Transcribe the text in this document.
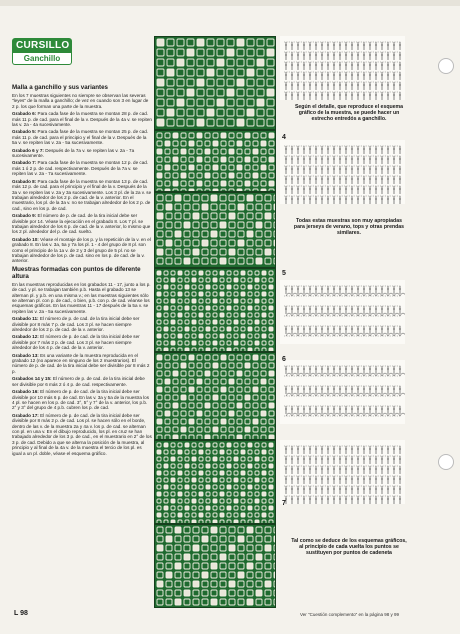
CURSILLO
Ganchillo
Malla a ganchillo y sus variantes

En los 7 muestras siguientes no siempre se observan las severas "leyes" de la malla a ganchillo; de vez en cuando son 3 en lugar de 2 p. los que forman una parte de la muestra.

Grabado 6: Para cada fase de la muestra se montan 28 p. de cad. más 11 p. de cad. para el final de la v. Después de la 4a v. se repiten las v. 2a - 4a sucesivamente.

Grabado 5: Para cada fase de la muestra se montan 25 p. de cad. más 11 p. de cad. para el principio y el final de la v. Después de la 5a v. se repiten las v. 2a - 5a sucesivamente.

Grabado 6 y 7: Después de la 7a v. se repiten las v. 2a - 7a sucesivamente.

Grabado 7: Para cada fase de la muestra se montan 12 p. de cad. más 1 ó 2 p. de cad. respectivamente. Después de la 7a v. se repiten las v. 2a - 7a sucesivamente.

Grabado 8: Para cada fase de la muestra se montan 13 p. de cad. más 12 p. de cad. para el principio y el final de la v. Después de la 3a v. se repiten las v. 2a y 3a sucesivamente. Los 3 pl. de la 2a v. se trabajan alrededor de los 2 p. de cad. de la v. anterior. En el muestrario, los pl. de la 3a v. no se trabajan alrededor de los 2 p. de cad., sino en los p. de cad.

Grabado 9: El número de p. de cad. de la tira inicial debe ser divisible por 14. Véase la ejecución en el grabado 8. Los 7 pl. se trabajan alrededor de los 6 p. de cad. de la v. anterior, lo mismo que los 2 pl. alrededor del p. de cad. suelto.

Grabado 10: Véase el montaje de los p. y la repetición de la v. en el grabado 8. En las v. 3a, 5a y 7a los pl. 1 - 4 del grupo de 8 pl. son como el principio de la 1a v. de 2 y 3 del grupo de 5 pl. no se trabajan alrededor de los p. de cad. sino en los p. de cad. de la v. anterior.

Muestras formadas con puntos de diferente altura

En las muestras reproducidas en los grabados 11 - 17, junto a los p. de cad. y pl. se trabajan también p.b. Hasta el grabado 13 se alternan pl. y p.b. en una misma v.; en las muestras siguientes sólo se alternan pl. con p. de cad., o bien, p.b. con p. de cad. véanse los esquemas gráficos. En las muestras 11 - 17 después de la 5a v. se repiten las v. 2a - 5a sucesivamente.

Grabado 11: El número de p. de cad. de la tira inicial debe ser divisible por 8 más 7 p. de cad. Los 3 pl. se hacen siempre alrededor de los 2 p. de cad. de la v. anterior.

Grabado 12: El número de p. de cad. de la tira inicial debe ser divisible por 7 más 2 p. de cad. Los 3 pl. se hacen siempre alrededor de los 4 p. de cad. de la v. anterior.

Grabado 13: Es una variante de la muestra reproducida en el grabado 12 (no aparece en ninguno de los 2 muestrarios). El número de p. de cad. de la tira inicial debe ser divisible por 8 más 2 p.

Grabados 14 y 15: El número de p. de cad. de la tira inicial debe ser divisible por 6 más 2 ó 4 p. de cad. respectivamente.

Grabado 16: El número de p. de cad. de la tira inicial debe ser divisible por 10 más 6 p. de cad. En las v. 3a y 5a de la muestra los 4 pl. se hacen en los p. de cad. 3°, 5° y 7° de la v. anterior, los p.b. 2° y 3° del grupo de 4 p.b. cubren los p. de cad.

Grabado 17: El número de p. de cad. de la tira inicial debe ser divisible por 8 más 2 p. de cad. Los pl. se hacen sólo en el borde, dentro de las v. de la muestra 2a y 4a v. los p. de cad. se alternan con pl. en una v. En el dibujo reproducido, los pl. en cruz se han trabajado alrededor de los 3 p. de cad., en el muestrario en 2° de los 3 p. de cad. Debido a que se alterna la posición de la muestra, al principio y al final de la 4a v. de la muestra el tercio de los pl. es igual a un pl. doble, véase el esquema gráfico.

4
5
6
7
Según el detalle, que reproduce el esquema gráfico de la muestra, se puede hacer un estrecho entredós a ganchillo.
Todas estas muestras son muy apropiadas para jerseys de verano, tops y otras prendas similares.
Tal como se deduce de los esquemas gráficos, al principio de cada vuelta los puntos se sustituyen por puntos de cadeneta
L 98	Ver "Cuestión complemento" en la página 98 y 99
